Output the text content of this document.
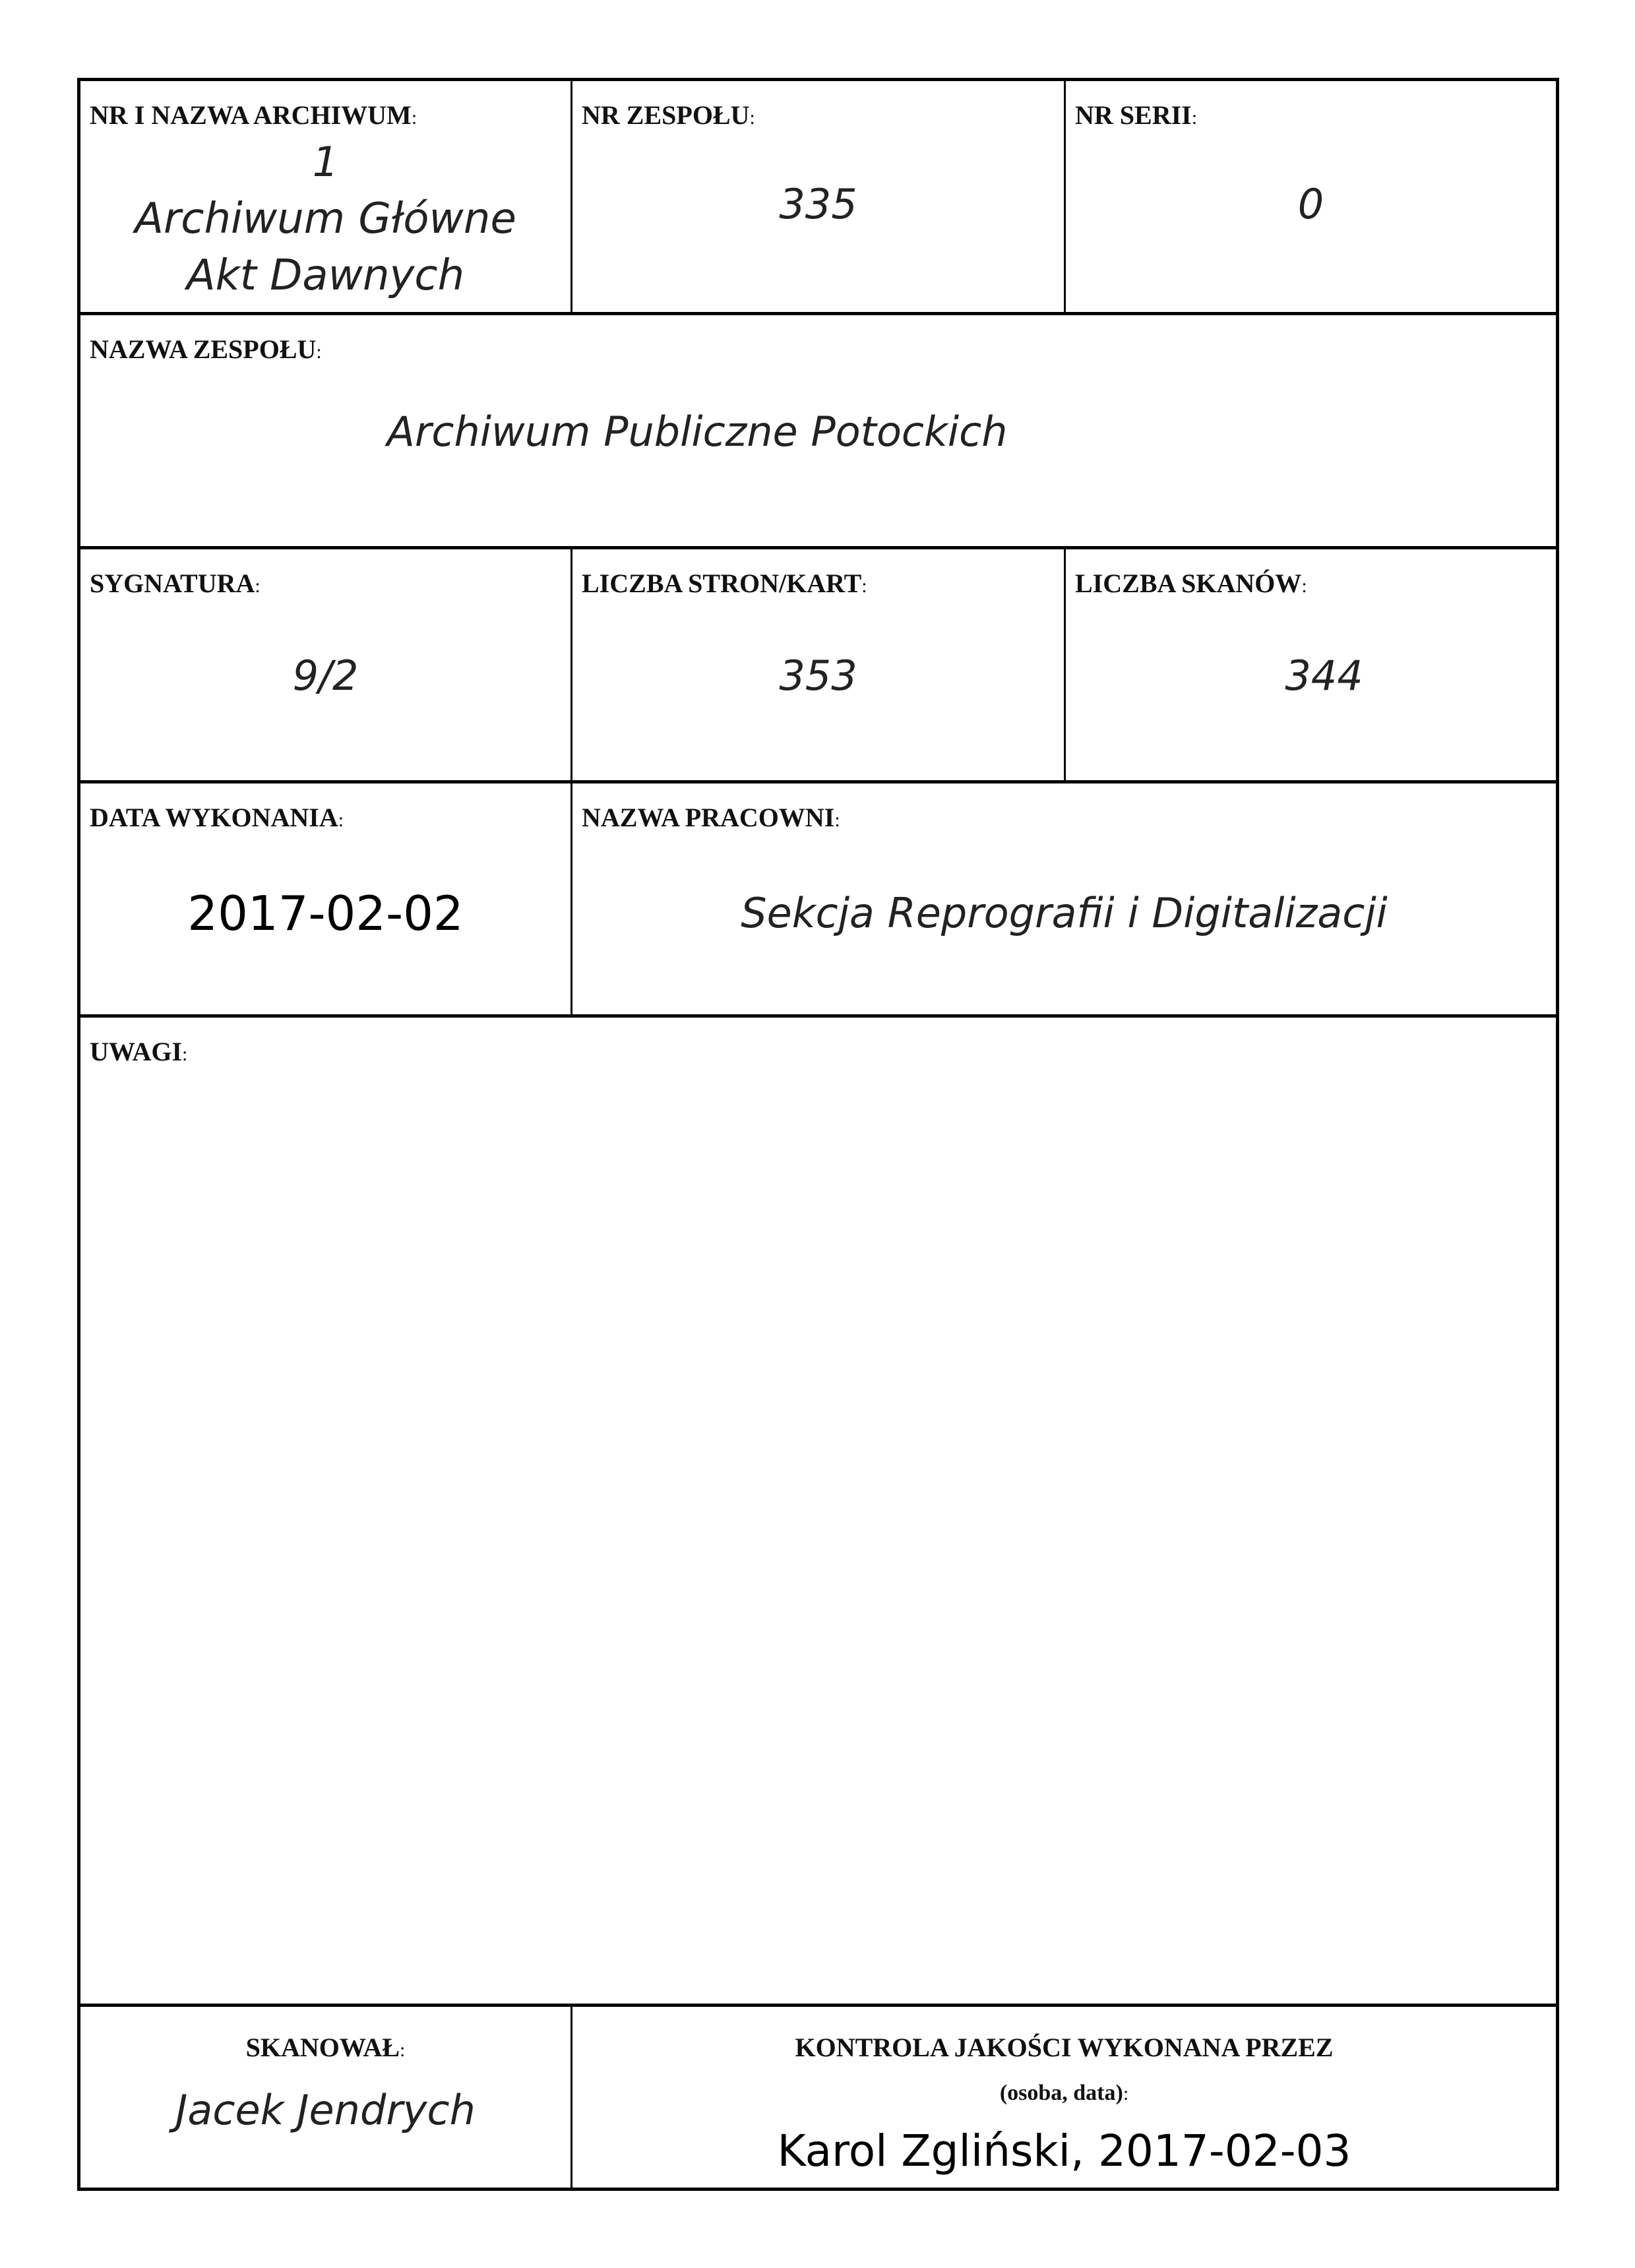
NR I NAZWA ARCHIWUM:
1
Archiwum Główne
Akt Dawnych
NR ZESPOŁU:
335
NR SERII:
0
NAZWA ZESPOŁU:
Archiwum Publiczne Potockich
SYGNATURA:
9/2
LICZBA STRON/KART:
353
LICZBA SKANÓW:
344
DATA WYKONANIA:
2017-02-02
NAZWA PRACOWNI:
Sekcja Reprografii i Digitalizacji
UWAGI:
SKANOWAŁ:
Jacek Jendrych
KONTROLA JAKOŚCI WYKONANA PRZEZ
(osoba, data):
Karol Zgliński, 2017-02-03
